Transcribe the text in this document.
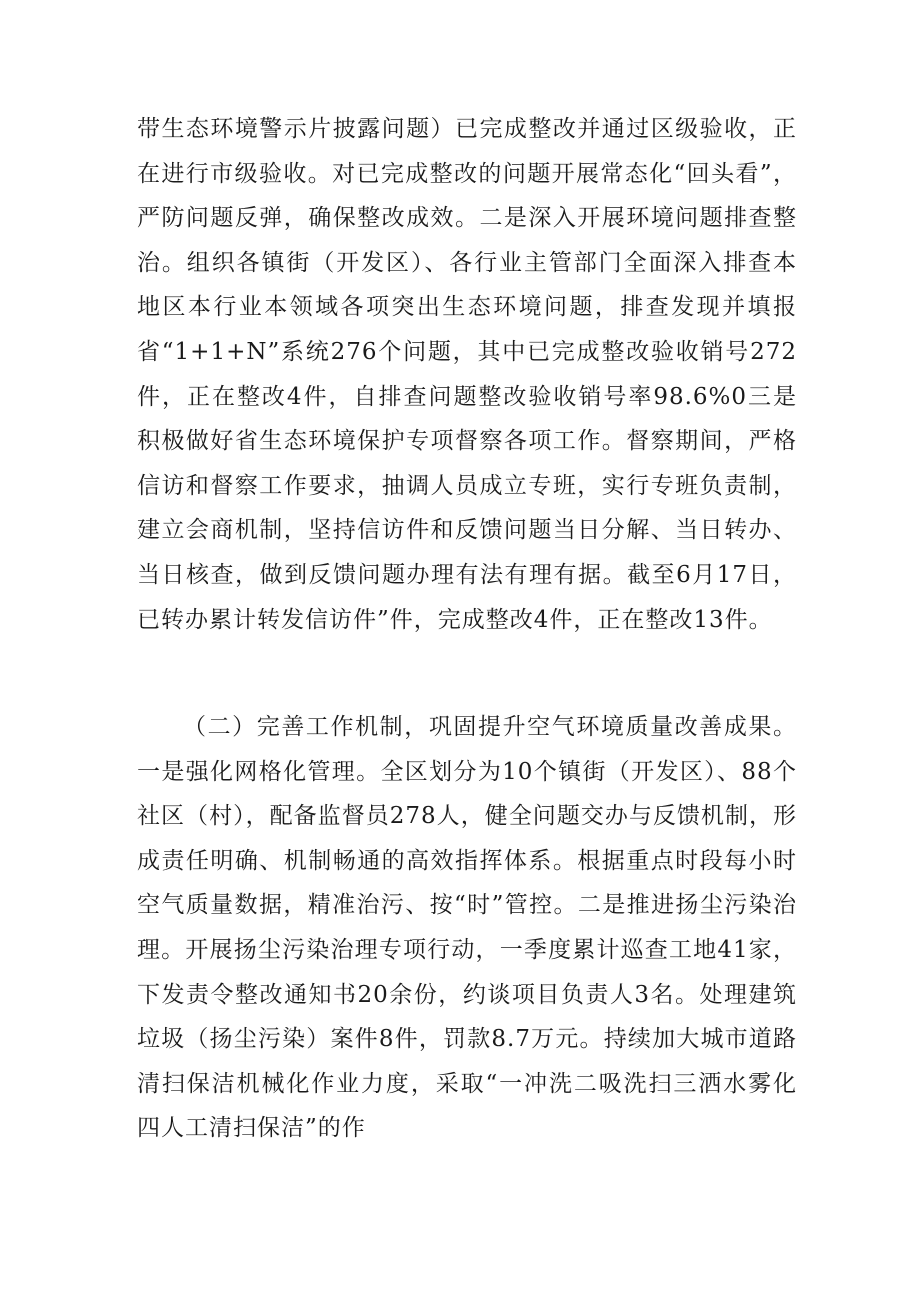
带生态环境警示片披露问题）已完成整改并通过区级验收，正在进行市级验收。对已完成整改的问题开展常态化“回头看”，严防问题反弹，确保整改成效。二是深入开展环境问题排查整治。组织各镇街（开发区）、各行业主管部门全面深入排查本地区本行业本领域各项突出生态环境问题，排查发现并填报省“1+1+N”系统276个问题，其中已完成整改验收销号272件，正在整改4件，自排查问题整改验收销号率98.6%0三是积极做好省生态环境保护专项督察各项工作。督察期间，严格信访和督察工作要求，抽调人员成立专班，实行专班负责制，建立会商机制，坚持信访件和反馈问题当日分解、当日转办、当日核查，做到反馈问题办理有法有理有据。截至6月17日，已转办累计转发信访件”件，完成整改4件，正在整改13件。

（二）完善工作机制，巩固提升空气环境质量改善成果。一是强化网格化管理。全区划分为10个镇街（开发区）、88个社区（村），配备监督员278人，健全问题交办与反馈机制，形成责任明确、机制畅通的高效指挥体系。根据重点时段每小时空气质量数据，精准治污、按“时”管控。二是推进扬尘污染治理。开展扬尘污染治理专项行动，一季度累计巡查工地41家，下发责令整改通知书20余份，约谈项目负责人3名。处理建筑垃圾（扬尘污染）案件8件，罚款8.7万元。持续加大城市道路清扫保洁机械化作业力度，采取“一冲洗二吸洗扫三洒水雾化四人工清扫保洁”的作
